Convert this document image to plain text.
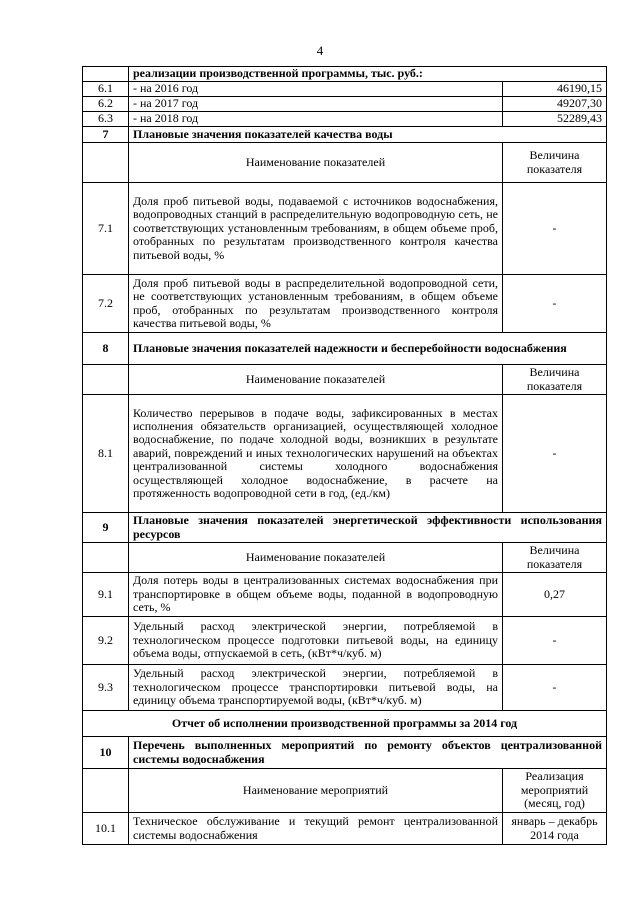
4
	реализации производственной программы, тыс. руб.:	
6.1	- на 2016 год	46190,15
6.2	- на 2017 год	49207,30
6.3	- на 2018 год	52289,43
7	Плановые значения показателей качества воды	
	Наименование показателей	Величина показателя
7.1	Доля проб питьевой воды, подаваемой с источников водоснабжения, водопроводных станций в распределительную водопроводную сеть, не соответствующих установленным требованиям, в общем объеме проб, отобранных по результатам производственного контроля качества питьевой воды, %	-
7.2	Доля проб питьевой воды в распределительной водопроводной сети, не соответствующих установленным требованиям, в общем объеме проб, отобранных по результатам производственного контроля качества питьевой воды, %	-
8	Плановые значения показателей надежности и бесперебойности водоснабжения	

	Наименование показателей	Величина показателя
8.1	Количество перерывов в подаче воды, зафиксированных в местах исполнения обязательств организацией, осуществляющей холодное водоснабжение, по подаче холодной воды, возникших в результате аварий, повреждений и иных технологических нарушений на объектах централизованной системы холодного водоснабжения осуществляющей холодное водоснабжение, в расчете на протяженность водопроводной сети в год, (ед./км)	-
9	Плановые значения показателей энергетической эффективности использования ресурсов	

	Наименование показателей	Величина показателя
9.1	Доля потерь воды в централизованных системах водоснабжения при транспортировке в общем объеме воды, поданной в водопроводную сеть, %	0,27
9.2	Удельный расход электрической энергии, потребляемой в технологическом процессе подготовки питьевой воды, на единицу объема воды, отпускаемой в сеть, (кВт*ч/куб. м)	-
9.3	Удельный расход электрической энергии, потребляемой в технологическом процессе транспортировки питьевой воды, на единицу объема транспортируемой воды, (кВт*ч/куб. м)	-
Отчет об исполнении производственной программы за 2014 год		
10	Перечень выполненных мероприятий по ремонту объектов централизованной системы водоснабжения	

	Наименование мероприятий	Реализация мероприятий (месяц, год)
10.1	Техническое обслуживание и текущий ремонт централизованной системы водоснабжения	январь – декабрь 2014 года
